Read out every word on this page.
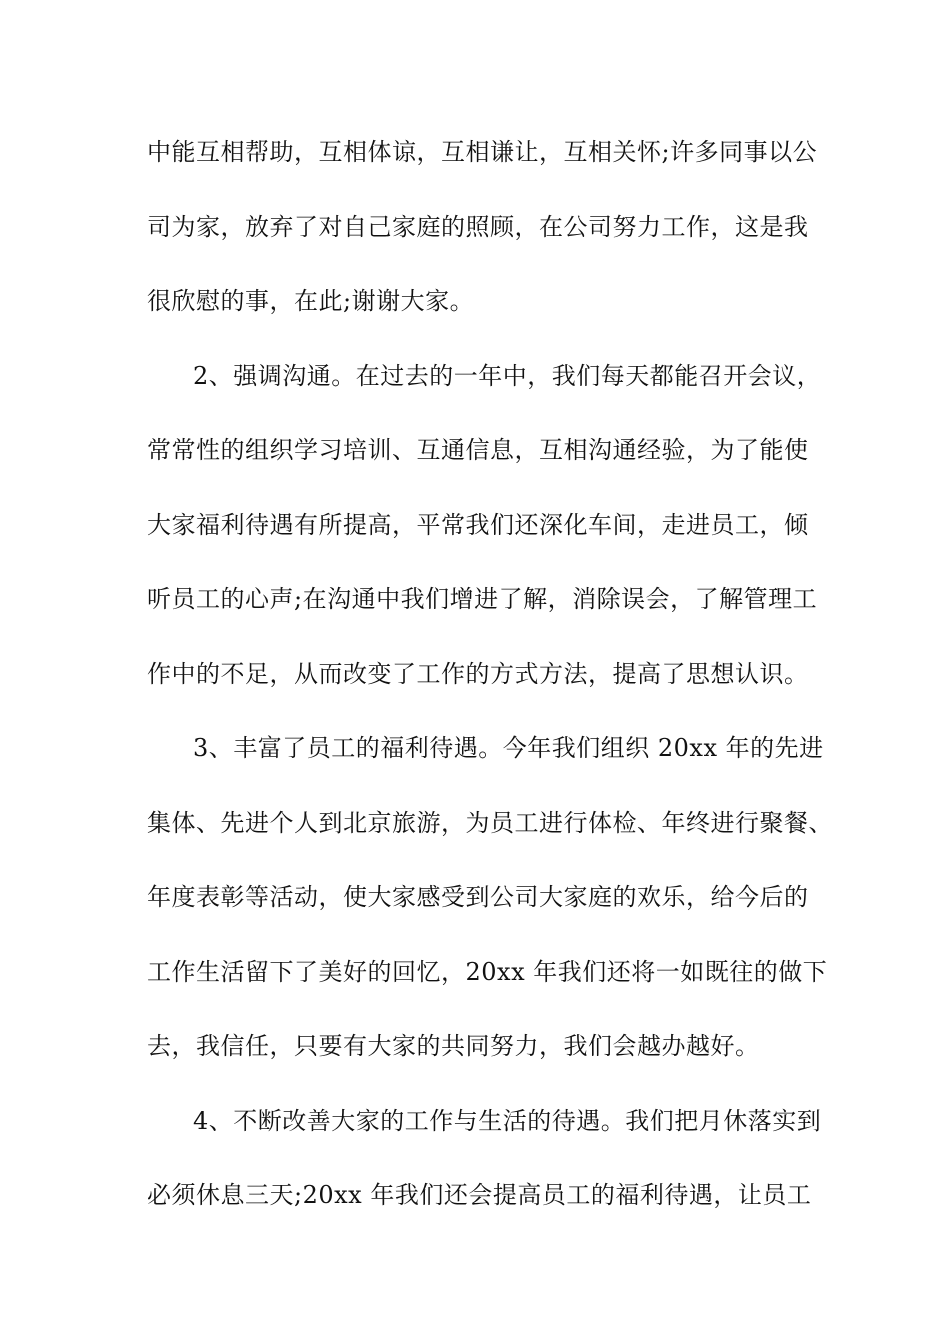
中能互相帮助，互相体谅，互相谦让，互相关怀;许多同事以公
司为家，放弃了对自己家庭的照顾，在公司努力工作，这是我
很欣慰的事，在此;谢谢大家。
2、强调沟通。在过去的一年中，我们每天都能召开会议，
常常性的组织学习培训、互通信息，互相沟通经验，为了能使
大家福利待遇有所提高，平常我们还深化车间，走进员工，倾
听员工的心声;在沟通中我们增进了解，消除误会，了解管理工
作中的不足，从而改变了工作的方式方法，提高了思想认识。
3、丰富了员工的福利待遇。今年我们组织 20xx 年的先进
集体、先进个人到北京旅游，为员工进行体检、年终进行聚餐、
年度表彰等活动，使大家感受到公司大家庭的欢乐，给今后的
工作生活留下了美好的回忆，20xx 年我们还将一如既往的做下
去，我信任，只要有大家的共同努力，我们会越办越好。
4、不断改善大家的工作与生活的待遇。我们把月休落实到
必须休息三天;20xx 年我们还会提高员工的福利待遇，让员工
